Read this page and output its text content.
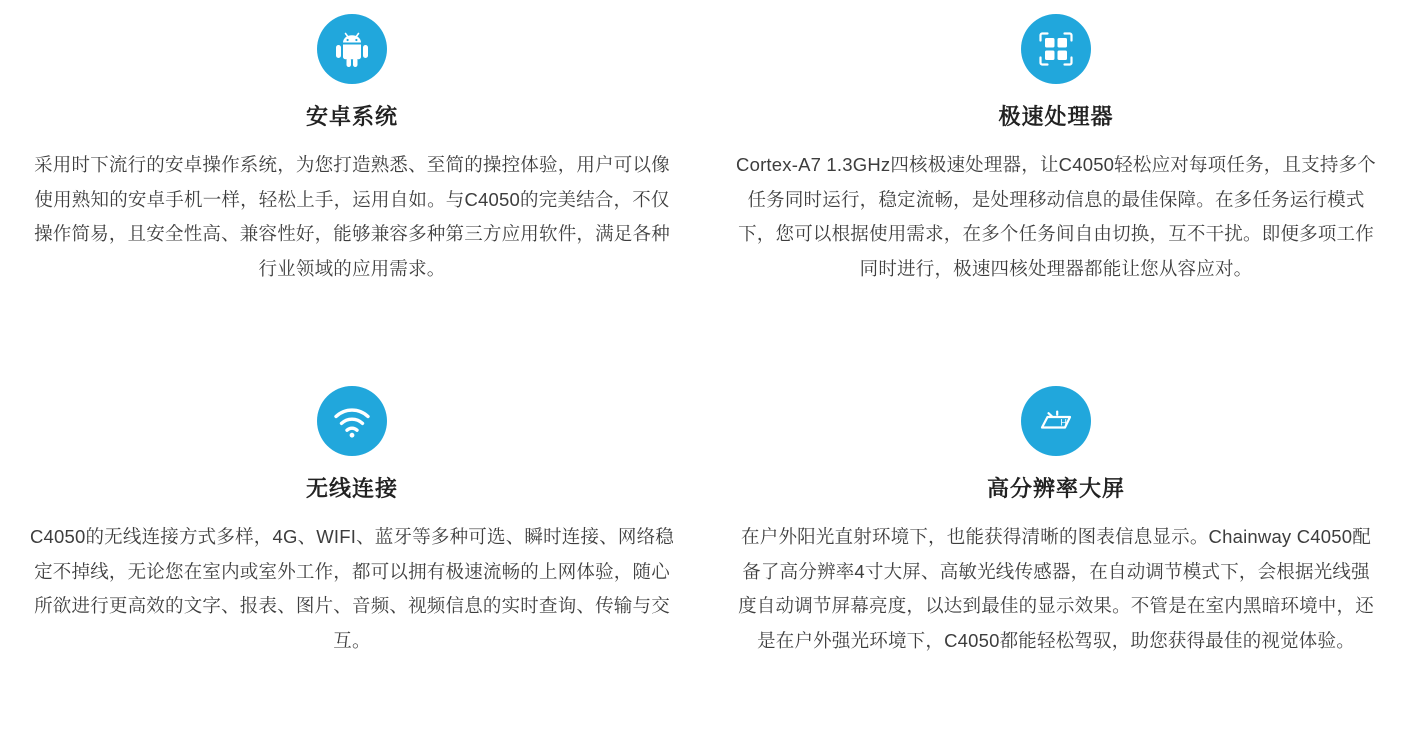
安卓系统
采用时下流行的安卓操作系统，为您打造熟悉、至简的操控体验，用户可以像使用熟知的安卓手机一样，轻松上手，运用自如。与C4050的完美结合，不仅操作简易，且安全性高、兼容性好，能够兼容多种第三方应用软件，满足各种行业领域的应用需求。
极速处理器
Cortex-A7 1.3GHz四核极速处理器，让C4050轻松应对每项任务，且支持多个任务同时运行，稳定流畅，是处理移动信息的最佳保障。在多任务运行模式下，您可以根据使用需求，在多个任务间自由切换，互不干扰。即便多项工作同时进行，极速四核处理器都能让您从容应对。
无线连接
C4050的无线连接方式多样，4G、WIFI、蓝牙等多种可选、瞬时连接、网络稳定不掉线，无论您在室内或室外工作，都可以拥有极速流畅的上网体验，随心所欲进行更高效的文字、报表、图片、音频、视频信息的实时查询、传输与交互。
H
高分辨率大屏
在户外阳光直射环境下，也能获得清晰的图表信息显示。Chainway C4050配备了高分辨率4寸大屏、高敏光线传感器，在自动调节模式下，会根据光线强度自动调节屏幕亮度，以达到最佳的显示效果。不管是在室内黑暗环境中，还是在户外强光环境下，C4050都能轻松驾驭，助您获得最佳的视觉体验。
